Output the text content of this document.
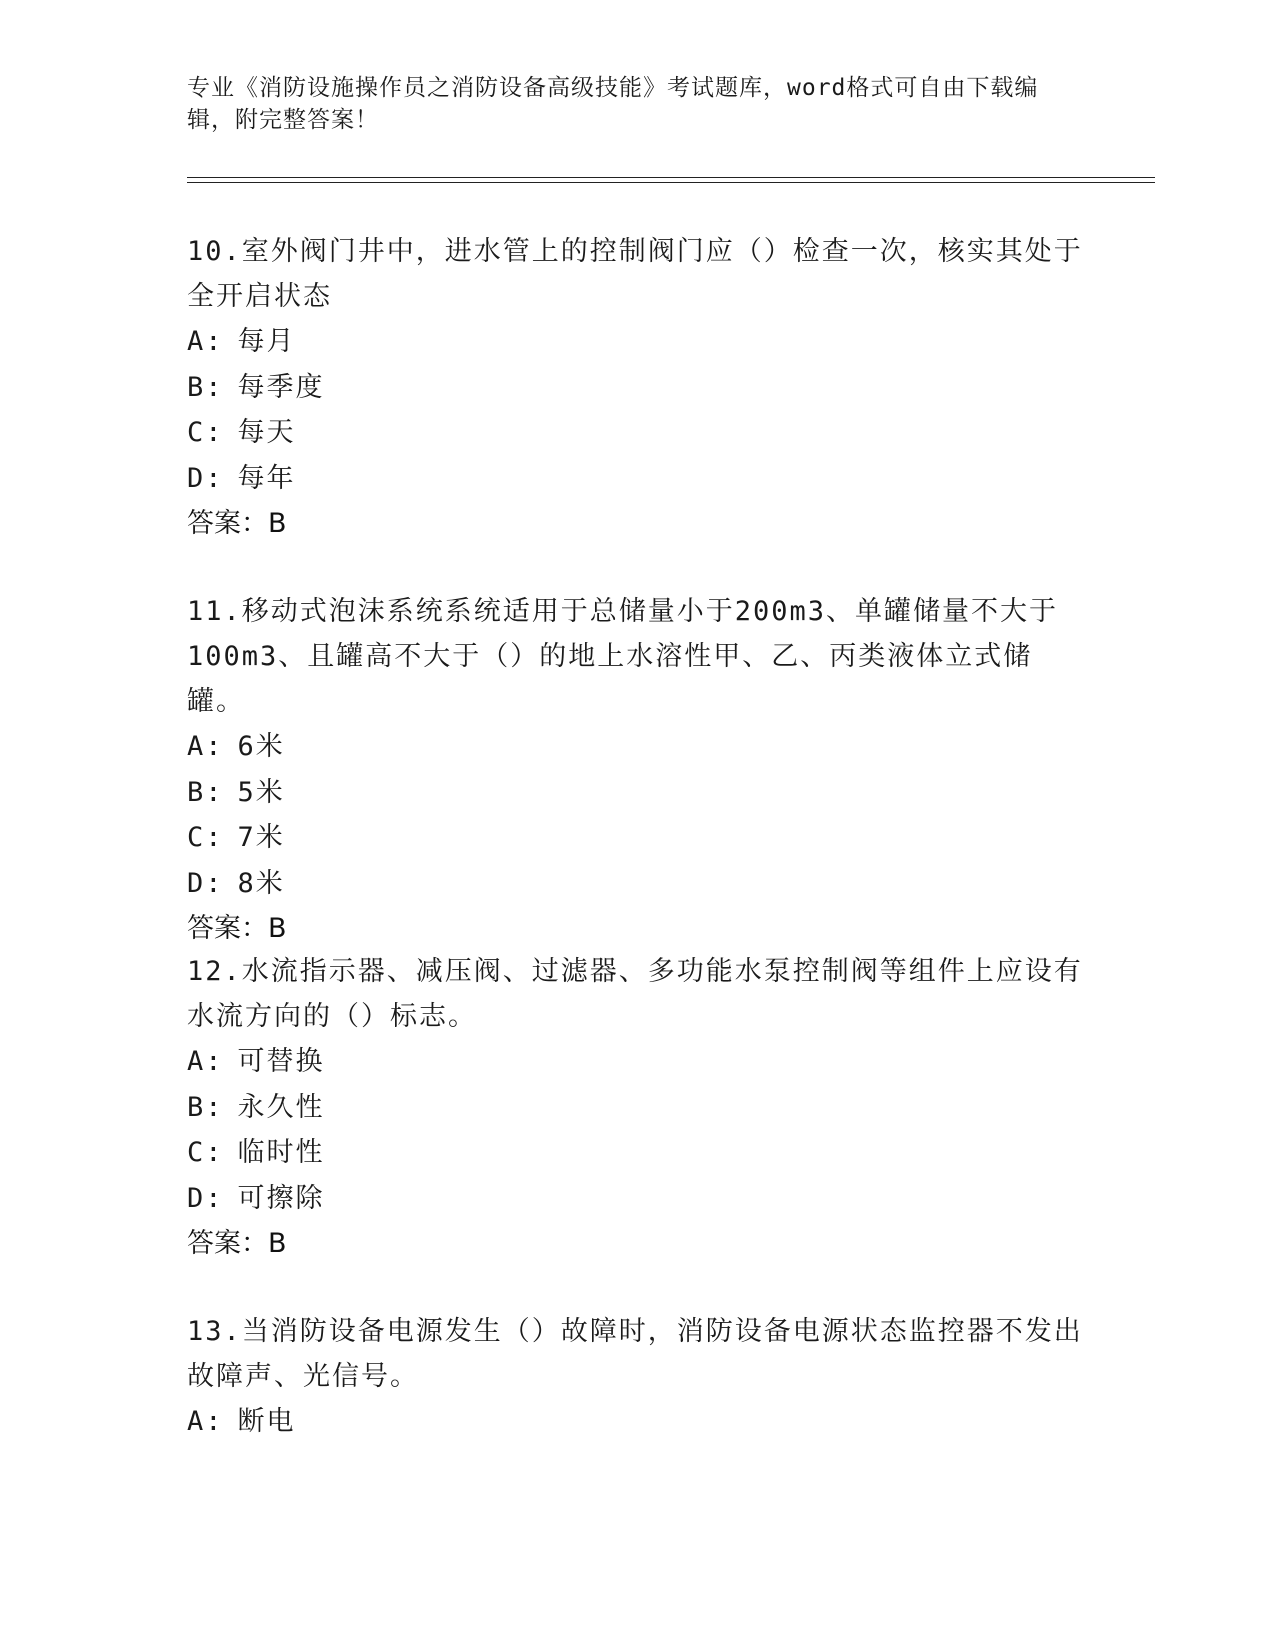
专业《消防设施操作员之消防设备高级技能》考试题库，word格式可自由下载编辑，附完整答案！

10.室外阀门井中，进水管上的控制阀门应（）检查一次，核实其处于全开启状态

A: 每月

B: 每季度

C: 每天

D: 每年

答案：B

11.移动式泡沫系统系统适用于总储量小于200m3、单罐储量不大于100m3、且罐高不大于（）的地上水溶性甲、乙、丙类液体立式储罐。

A: 6米

B: 5米

C: 7米

D: 8米

答案：B

12.水流指示器、减压阀、过滤器、多功能水泵控制阀等组件上应设有水流方向的（）标志。

A: 可替换

B: 永久性

C: 临时性

D: 可擦除

答案：B

13.当消防设备电源发生（）故障时，消防设备电源状态监控器不发出故障声、光信号。

A: 断电
